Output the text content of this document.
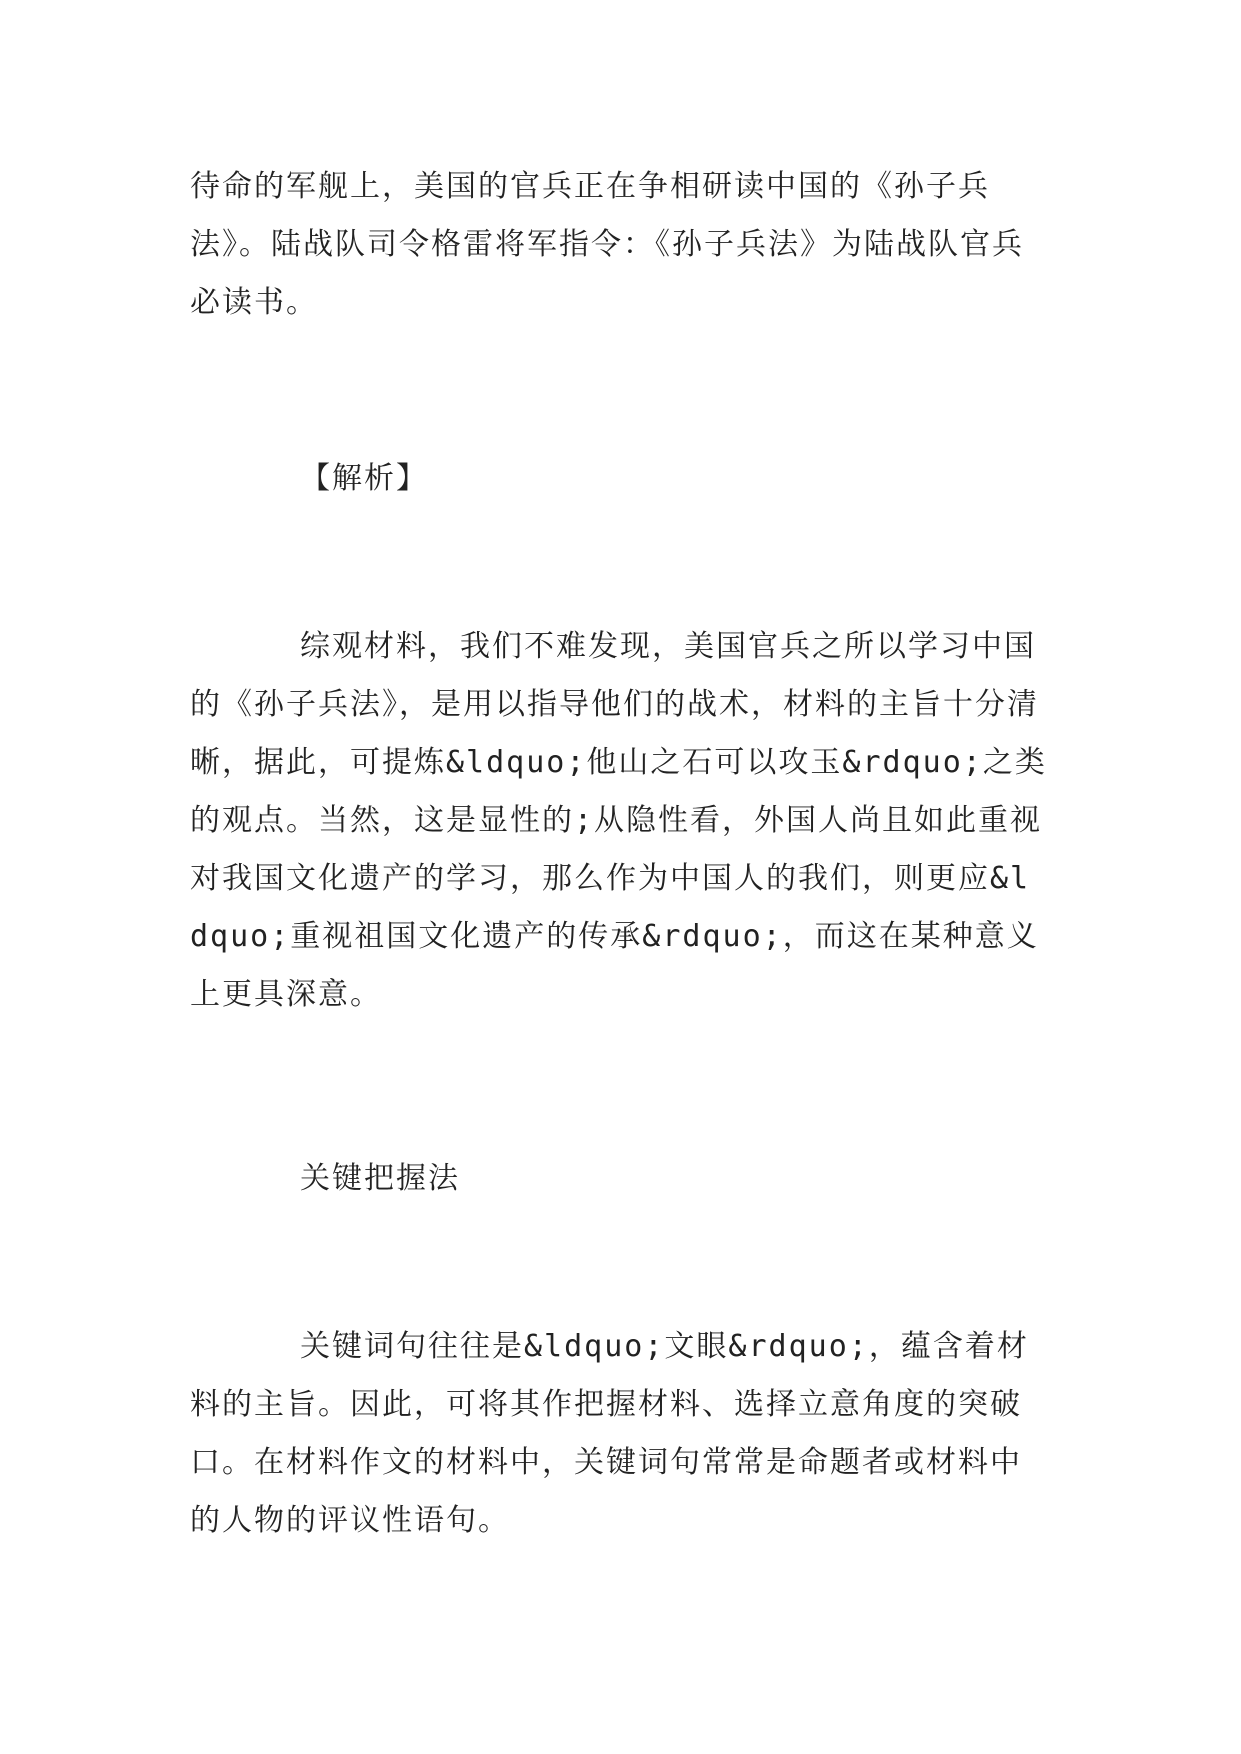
待命的军舰上，美国的官兵正在争相研读中国的《孙子兵法》。陆战队司令格雷将军指令：《孙子兵法》为陆战队官兵必读书。

【解析】

综观材料，我们不难发现，美国官兵之所以学习中国的《孙子兵法》，是用以指导他们的战术，材料的主旨十分清晰，据此，可提炼&ldquo;他山之石可以攻玉&rdquo;之类的观点。当然，这是显性的;从隐性看，外国人尚且如此重视对我国文化遗产的学习，那么作为中国人的我们，则更应&ldquo;重视祖国文化遗产的传承&rdquo;，而这在某种意义上更具深意。

关键把握法

关键词句往往是&ldquo;文眼&rdquo;，蕴含着材料的主旨。因此，可将其作把握材料、选择立意角度的突破口。在材料作文的材料中，关键词句常常是命题者或材料中的人物的评议性语句。
